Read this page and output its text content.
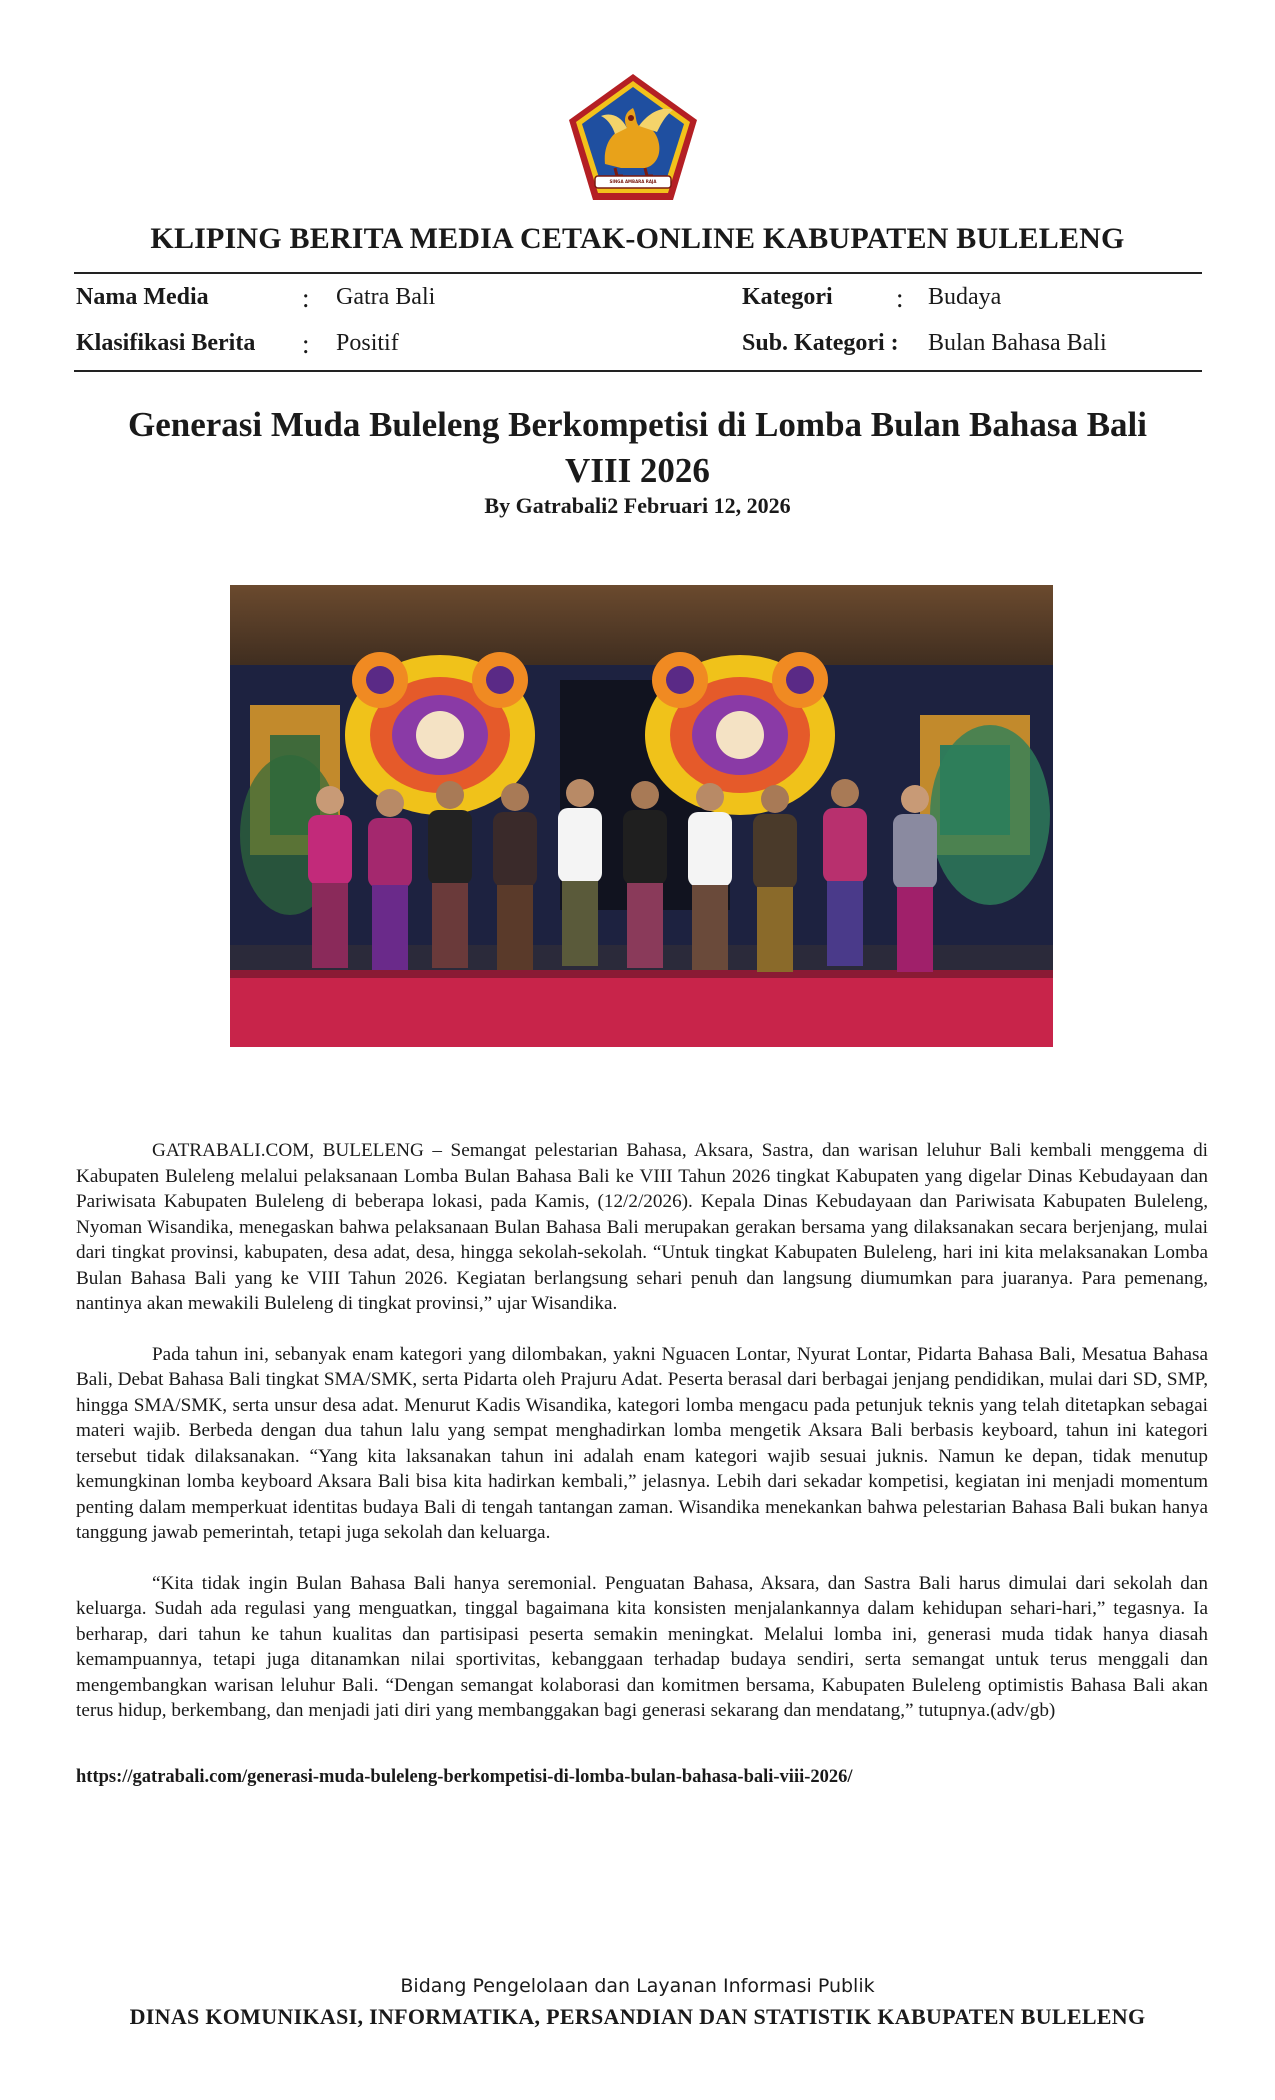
SINGA AMBARA RAJA
KLIPING BERITA MEDIA CETAK-ONLINE KABUPATEN BULELENG
Nama Media	: Gatra Bali	Kategori : Budaya
Klasifikasi Berita : Positif	Sub. Kategori : Bulan Bahasa Bali
Generasi Muda Buleleng Berkompetisi di Lomba Bulan Bahasa Bali
VIII 2026
By Gatrabali2 Februari 12, 2026

GATRABALI.COM, BULELENG – Semangat pelestarian Bahasa, Aksara, Sastra, dan warisan leluhur Bali kembali menggema di Kabupaten Buleleng melalui pelaksanaan Lomba Bulan Bahasa Bali ke VIII Tahun 2026 tingkat Kabupaten yang digelar Dinas Kebudayaan dan Pariwisata Kabupaten Buleleng di beberapa lokasi, pada Kamis, (12/2/2026). Kepala Dinas Kebudayaan dan Pariwisata Kabupaten Buleleng, Nyoman Wisandika, menegaskan bahwa pelaksanaan Bulan Bahasa Bali merupakan gerakan bersama yang dilaksanakan secara berjenjang, mulai dari tingkat provinsi, kabupaten, desa adat, desa, hingga sekolah-sekolah. “Untuk tingkat Kabupaten Buleleng, hari ini kita melaksanakan Lomba Bulan Bahasa Bali yang ke VIII Tahun 2026. Kegiatan berlangsung sehari penuh dan langsung diumumkan para juaranya. Para pemenang, nantinya akan mewakili Buleleng di tingkat provinsi,” ujar Wisandika.

Pada tahun ini, sebanyak enam kategori yang dilombakan, yakni Nguacen Lontar, Nyurat Lontar, Pidarta Bahasa Bali, Mesatua Bahasa Bali, Debat Bahasa Bali tingkat SMA/SMK, serta Pidarta oleh Prajuru Adat. Peserta berasal dari berbagai jenjang pendidikan, mulai dari SD, SMP, hingga SMA/SMK, serta unsur desa adat. Menurut Kadis Wisandika, kategori lomba mengacu pada petunjuk teknis yang telah ditetapkan sebagai materi wajib. Berbeda dengan dua tahun lalu yang sempat menghadirkan lomba mengetik Aksara Bali berbasis keyboard, tahun ini kategori tersebut tidak dilaksanakan. “Yang kita laksanakan tahun ini adalah enam kategori wajib sesuai juknis. Namun ke depan, tidak menutup kemungkinan lomba keyboard Aksara Bali bisa kita hadirkan kembali,” jelasnya. Lebih dari sekadar kompetisi, kegiatan ini menjadi momentum penting dalam memperkuat identitas budaya Bali di tengah tantangan zaman. Wisandika menekankan bahwa pelestarian Bahasa Bali bukan hanya tanggung jawab pemerintah, tetapi juga sekolah dan keluarga.

“Kita tidak ingin Bulan Bahasa Bali hanya seremonial. Penguatan Bahasa, Aksara, dan Sastra Bali harus dimulai dari sekolah dan keluarga. Sudah ada regulasi yang menguatkan, tinggal bagaimana kita konsisten menjalankannya dalam kehidupan sehari-hari,” tegasnya. Ia berharap, dari tahun ke tahun kualitas dan partisipasi peserta semakin meningkat. Melalui lomba ini, generasi muda tidak hanya diasah kemampuannya, tetapi juga ditanamkan nilai sportivitas, kebanggaan terhadap budaya sendiri, serta semangat untuk terus menggali dan mengembangkan warisan leluhur Bali. “Dengan semangat kolaborasi dan komitmen bersama, Kabupaten Buleleng optimistis Bahasa Bali akan terus hidup, berkembang, dan menjadi jati diri yang membanggakan bagi generasi sekarang dan mendatang,” tutupnya.(adv/gb)

https://gatrabali.com/generasi-muda-buleleng-berkompetisi-di-lomba-bulan-bahasa-bali-viii-2026/
Bidang Pengelolaan dan Layanan Informasi Publik
DINAS KOMUNIKASI, INFORMATIKA, PERSANDIAN DAN STATISTIK KABUPATEN BULELENG
